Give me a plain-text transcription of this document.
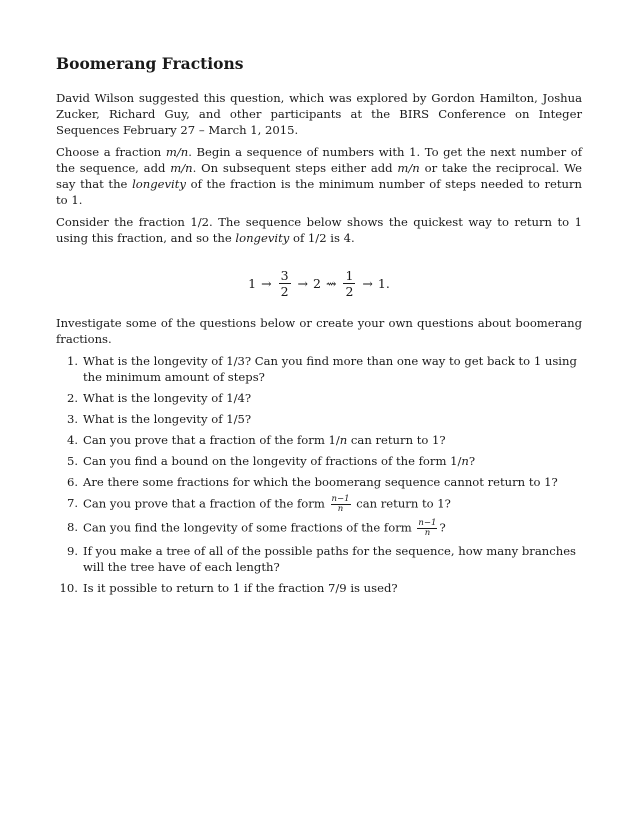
Boomerang Fractions

David Wilson suggested this question, which was explored by Gordon Hamilton, Joshua Zucker, Richard Guy, and other participants at the BIRS Conference on Integer Sequences February 27 – March 1, 2015.

Choose a fraction m/n. Begin a sequence of numbers with 1. To get the next number of the sequence, add m/n. On subsequent steps either add m/n or take the reciprocal. We say that the longevity of the fraction is the minimum number of steps needed to return to 1.

Consider the fraction 1/2. The sequence below shows the quickest way to return to 1 using this fraction, and so the longevity of 1/2 is 4.

$1 \to \frac{3}{2} \to 2$ ⇝ $\frac{1}{2} \to 1$.

Investigate some of the questions below or create your own questions about boomerang fractions.

1. What is the longevity of 1/3? Can you find more than one way to get back to 1 using the minimum amount of steps?
2. What is the longevity of 1/4?
3. What is the longevity of 1/5?
4. Can you prove that a fraction of the form 1/n can return to 1?
5. Can you find a bound on the longevity of fractions of the form 1/n?
6. Are there some fractions for which the boomerang sequence cannot return to 1?
7. Can you prove that a fraction of the form $\frac{n-1}{n}$ can return to 1?
8. Can you find the longevity of some fractions of the form $\frac{n-1}{n}$ ?
9. If you make a tree of all of the possible paths for the sequence, how many branches will the tree have of each length?
10. Is it possible to return to 1 if the fraction 7/9 is used?
